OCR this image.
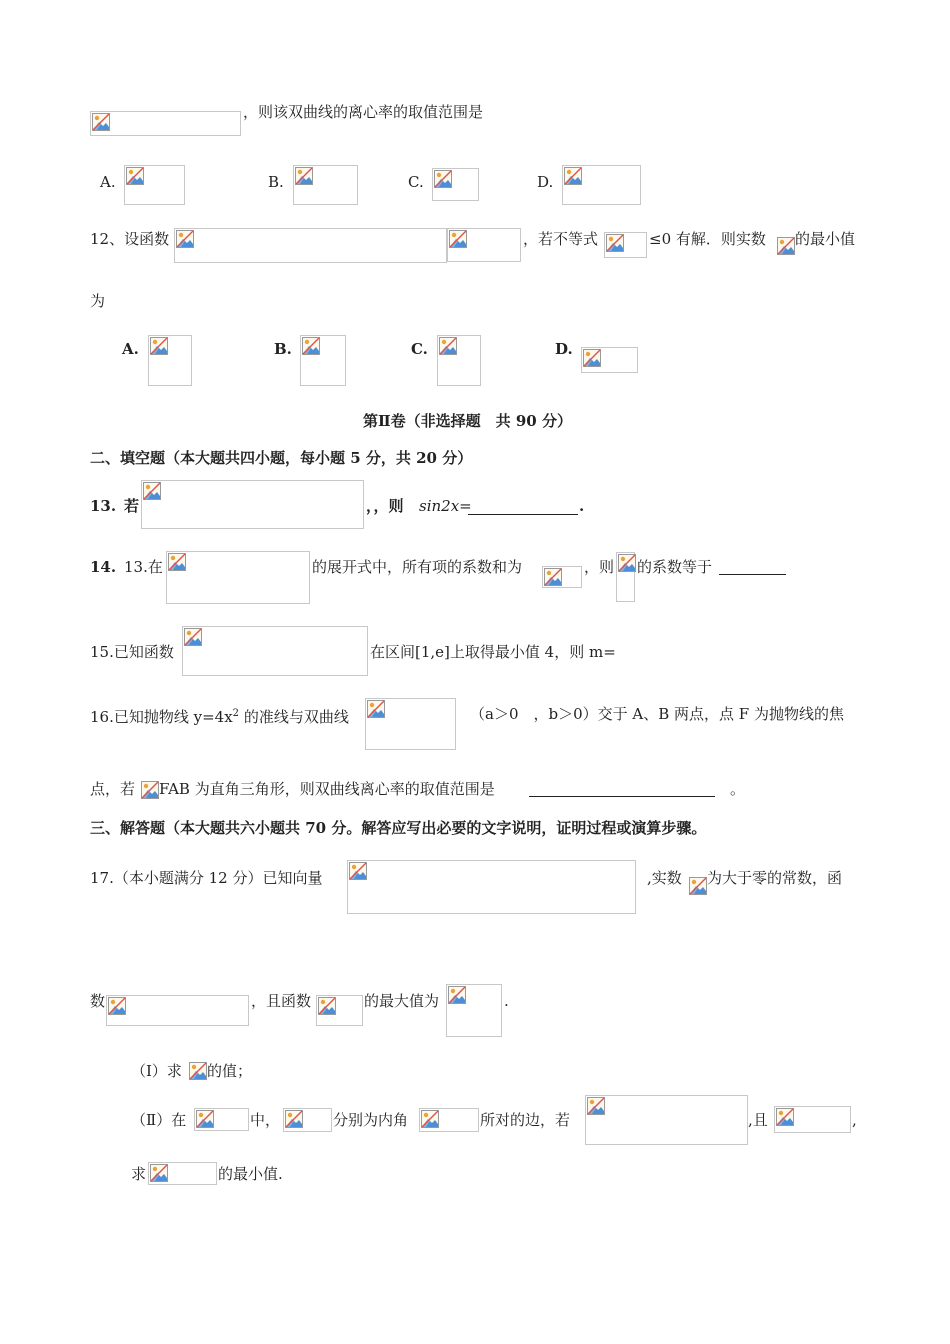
，则该双曲线的离心率的取值范围是
A.	B.	C.	D.
12、设函数	，若不等式	≤0 有解．则实数 的最小值
为
A.	B.	C.	D.
第Ⅱ卷（非选择题　共 90 分）
二、填空题（本大题共四小题，每小题 5 分，共 20 分）
13. 若	，，则 sin2x=	.
14. 13.在	的展开式中，所有项的系数和为	，则 的系数等于
15.已知函数	在区间[1,e]上取得最小值 4，则 m=
16.已知抛物线 $y=4x^2$ 的准线与双曲线	（a＞0　，b＞0）交于 A、B 两点，点 F 为抛物线的焦
点，若 FAB 为直角三角形，则双曲线离心率的取值范围是	。
三、解答题（本大题共六小题共 70 分。解答应写出必要的文字说明，证明过程或演算步骤。
17.（本小题满分 12 分）已知向量	,实数 为大于零的常数，函
数	，且函数	的最大值为	.
（Ⅰ）求 的值；
（Ⅱ）在	中，	分别为内角	所对的边，若	,且	,
求	的最小值.
